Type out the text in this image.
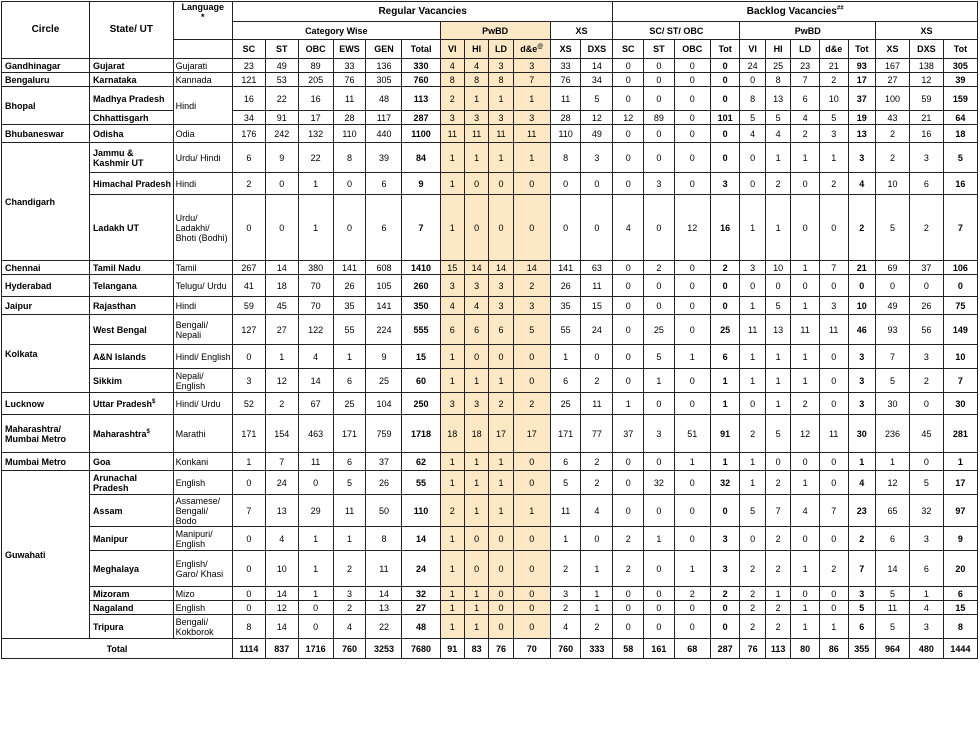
Circle	State/ UT	Language
*	Regular Vacancies												Backlog Vacancies##
			Category Wise						PwBD				XS		SC/ ST/ OBC				PwBD					XS		
			SC	ST	OBC	EWS	GEN	Total	VI	HI	LD	d&e@	XS	DXS	SC	ST	OBC	Tot	VI	HI	LD	d&e	Tot	XS	DXS	Tot
Gandhinagar	Gujarat	Gujarati	23	49	89	33	136	330	4	4	3	3	33	14	0	0	0	0	24	25	23	21	93	167	138	305
Bengaluru	Karnataka	Kannada	121	53	205	76	305	760	8	8	8	7	76	34	0	0	0	0	0	8	7	2	17	27	12	39
Bhopal	Madhya Pradesh	Hindi	16	22	16	11	48	113	2	1	1	1	11	5	0	0	0	0	8	13	6	10	37	100	59	159
	Chhattisgarh		34	91	17	28	117	287	3	3	3	3	28	12	12	89	0	101	5	5	4	5	19	43	21	64
Bhubaneswar	Odisha	Odia	176	242	132	110	440	1100	11	11	11	11	110	49	0	0	0	0	4	4	2	3	13	2	16	18
Chandigarh	Jammu & Kashmir UT	Urdu/ Hindi	6	9	22	8	39	84	1	1	1	1	8	3	0	0	0	0	0	1	1	1	3	2	3	5
	Himachal Pradesh	Hindi	2	0	1	0	6	9	1	0	0	0	0	0	0	3	0	3	0	2	0	2	4	10	6	16
	Ladakh UT	Urdu/ Ladakhi/ Bhoti (Bodhi)	0	0	1	0	6	7	1	0	0	0	0	0	4	0	12	16	1	1	0	0	2	5	2	7
Chennai	Tamil Nadu	Tamil	267	14	380	141	608	1410	15	14	14	14	141	63	0	2	0	2	3	10	1	7	21	69	37	106
Hyderabad	Telangana	Telugu/ Urdu	41	18	70	26	105	260	3	3	3	2	26	11	0	0	0	0	0	0	0	0	0	0	0	0
Jaipur	Rajasthan	Hindi	59	45	70	35	141	350	4	4	3	3	35	15	0	0	0	0	1	5	1	3	10	49	26	75
Kolkata	West Bengal	Bengali/ Nepali	127	27	122	55	224	555	6	6	6	5	55	24	0	25	0	25	11	13	11	11	46	93	56	149
	A&N Islands	Hindi/ English	0	1	4	1	9	15	1	0	0	0	1	0	0	5	1	6	1	1	1	0	3	7	3	10
	Sikkim	Nepali/ English	3	12	14	6	25	60	1	1	1	0	6	2	0	1	0	1	1	1	1	0	3	5	2	7
Lucknow	Uttar Pradesh$	Hindi/ Urdu	52	2	67	25	104	250	3	3	2	2	25	11	1	0	0	1	0	1	2	0	3	30	0	30
Maharashtra/ Mumbai Metro	Maharashtra$	Marathi	171	154	463	171	759	1718	18	18	17	17	171	77	37	3	51	91	2	5	12	11	30	236	45	281
Mumbai Metro	Goa	Konkani	1	7	11	6	37	62	1	1	1	0	6	2	0	0	1	1	1	0	0	0	1	1	0	1
Guwahati	Arunachal Pradesh	English	0	24	0	5	26	55	1	1	1	0	5	2	0	32	0	32	1	2	1	0	4	12	5	17
	Assam	Assamese/ Bengali/ Bodo	7	13	29	11	50	110	2	1	1	1	11	4	0	0	0	0	5	7	4	7	23	65	32	97
	Manipur	Manipuri/ English	0	4	1	1	8	14	1	0	0	0	1	0	2	1	0	3	0	2	0	0	2	6	3	9
	Meghalaya	English/ Garo/ Khasi	0	10	1	2	11	24	1	0	0	0	2	1	2	0	1	3	2	2	1	2	7	14	6	20
	Mizoram	Mizo	0	14	1	3	14	32	1	1	0	0	3	1	0	0	2	2	2	1	0	0	3	5	1	6
	Nagaland	English	0	12	0	2	13	27	1	1	0	0	2	1	0	0	0	0	2	2	1	0	5	11	4	15
	Tripura	Bengali/ Kokborok	8	14	0	4	22	48	1	1	0	0	4	2	0	0	0	0	2	2	1	1	6	5	3	8
Total			1114	837	1716	760	3253	7680	91	83	76	70	760	333	58	161	68	287	76	113	80	86	355	964	480	1444
